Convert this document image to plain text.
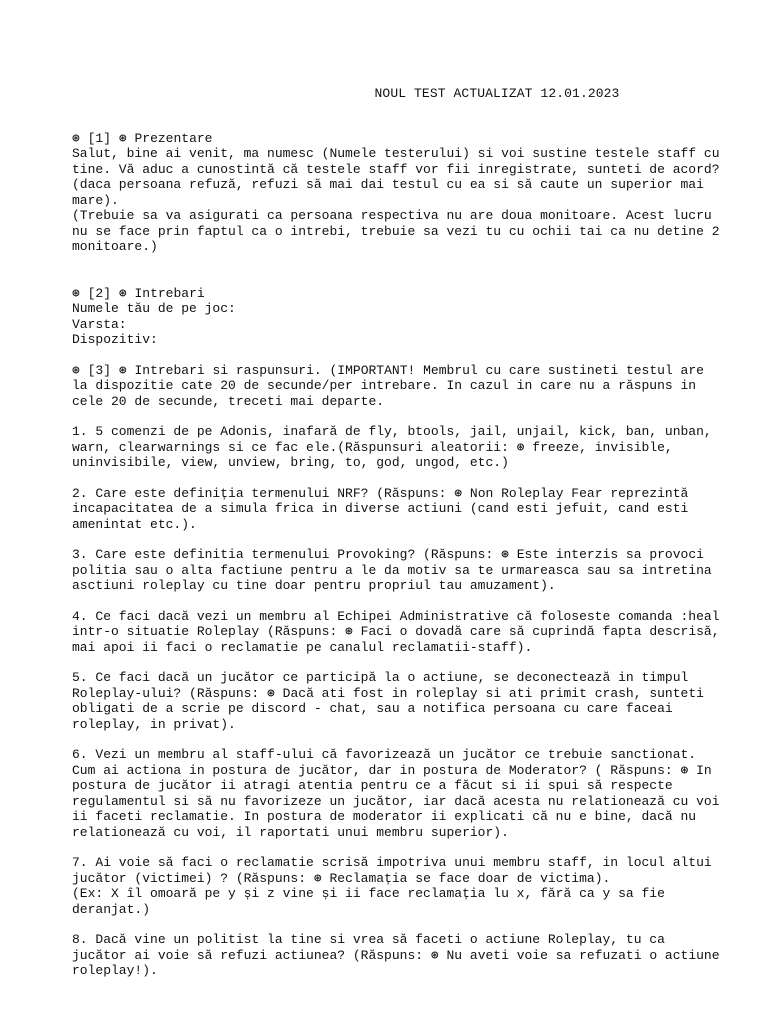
NOUL TEST ACTUALIZAT 12.01.2023
⊛ [1] ⊛ Prezentare
Salut, bine ai venit, ma numesc (Numele testerului) si voi sustine testele staff cu
tine. Vă aduc a cunostintă că testele staff vor fii inregistrate, sunteti de acord?
(daca persoana refuză, refuzi să mai dai testul cu ea si să caute un superior mai
mare).
(Trebuie sa va asigurati ca persoana respectiva nu are doua monitoare. Acest lucru
nu se face prin faptul ca o intrebi, trebuie sa vezi tu cu ochii tai ca nu detine 2
monitoare.)
⊛ [2] ⊛ Intrebari
Numele tău de pe joc:
Varsta:
Dispozitiv:
⊛ [3] ⊛ Intrebari si raspunsuri. (IMPORTANT! Membrul cu care sustineti testul are
la dispozitie cate 20 de secunde/per intrebare. In cazul in care nu a răspuns in
cele 20 de secunde, treceti mai departe.
1. 5 comenzi de pe Adonis, inafară de fly, btools, jail, unjail, kick, ban, unban,
warn, clearwarnings si ce fac ele.(Răspunsuri aleatorii: ⊛ freeze, invisible,
uninvisibile, view, unview, bring, to, god, ungod, etc.)
2. Care este definiția termenului NRF? (Răspuns: ⊛ Non Roleplay Fear reprezintă
incapacitatea de a simula frica in diverse actiuni (cand esti jefuit, cand esti
amenintat etc.).
3. Care este definitia termenului Provoking? (Răspuns: ⊛ Este interzis sa provoci
politia sau o alta factiune pentru a le da motiv sa te urmareasca sau sa intretina
asctiuni roleplay cu tine doar pentru propriul tau amuzament).
4. Ce faci dacă vezi un membru al Echipei Administrative că foloseste comanda :heal
intr-o situatie Roleplay (Răspuns: ⊛ Faci o dovadă care să cuprindă fapta descrisă,
mai apoi ii faci o reclamatie pe canalul reclamatii-staff).
5. Ce faci dacă un jucător ce participă la o actiune, se deconectează in timpul
Roleplay-ului? (Răspuns: ⊛ Dacă ati fost in roleplay si ati primit crash, sunteti
obligati de a scrie pe discord - chat, sau a notifica persoana cu care faceai
roleplay, in privat).
6. Vezi un membru al staff-ului că favorizează un jucător ce trebuie sanctionat.
Cum ai actiona in postura de jucător, dar in postura de Moderator? ( Răspuns: ⊛ In
postura de jucător ii atragi atentia pentru ce a făcut si ii spui să respecte
regulamentul si să nu favorizeze un jucător, iar dacă acesta nu relationează cu voi
ii faceti reclamatie. In postura de moderator ii explicati că nu e bine, dacă nu
relationează cu voi, il raportati unui membru superior).
7. Ai voie să faci o reclamatie scrisă impotriva unui membru staff, in locul altui
jucător (victimei) ? (Răspuns: ⊛ Reclamația se face doar de victima).
(Ex: X îl omoară pe y și z vine și ii face reclamația lu x, fără ca y sa fie
deranjat.)
8. Dacă vine un politist la tine si vrea să faceti o actiune Roleplay, tu ca
jucător ai voie să refuzi actiunea? (Răspuns: ⊛ Nu aveti voie sa refuzati o actiune
roleplay!).
